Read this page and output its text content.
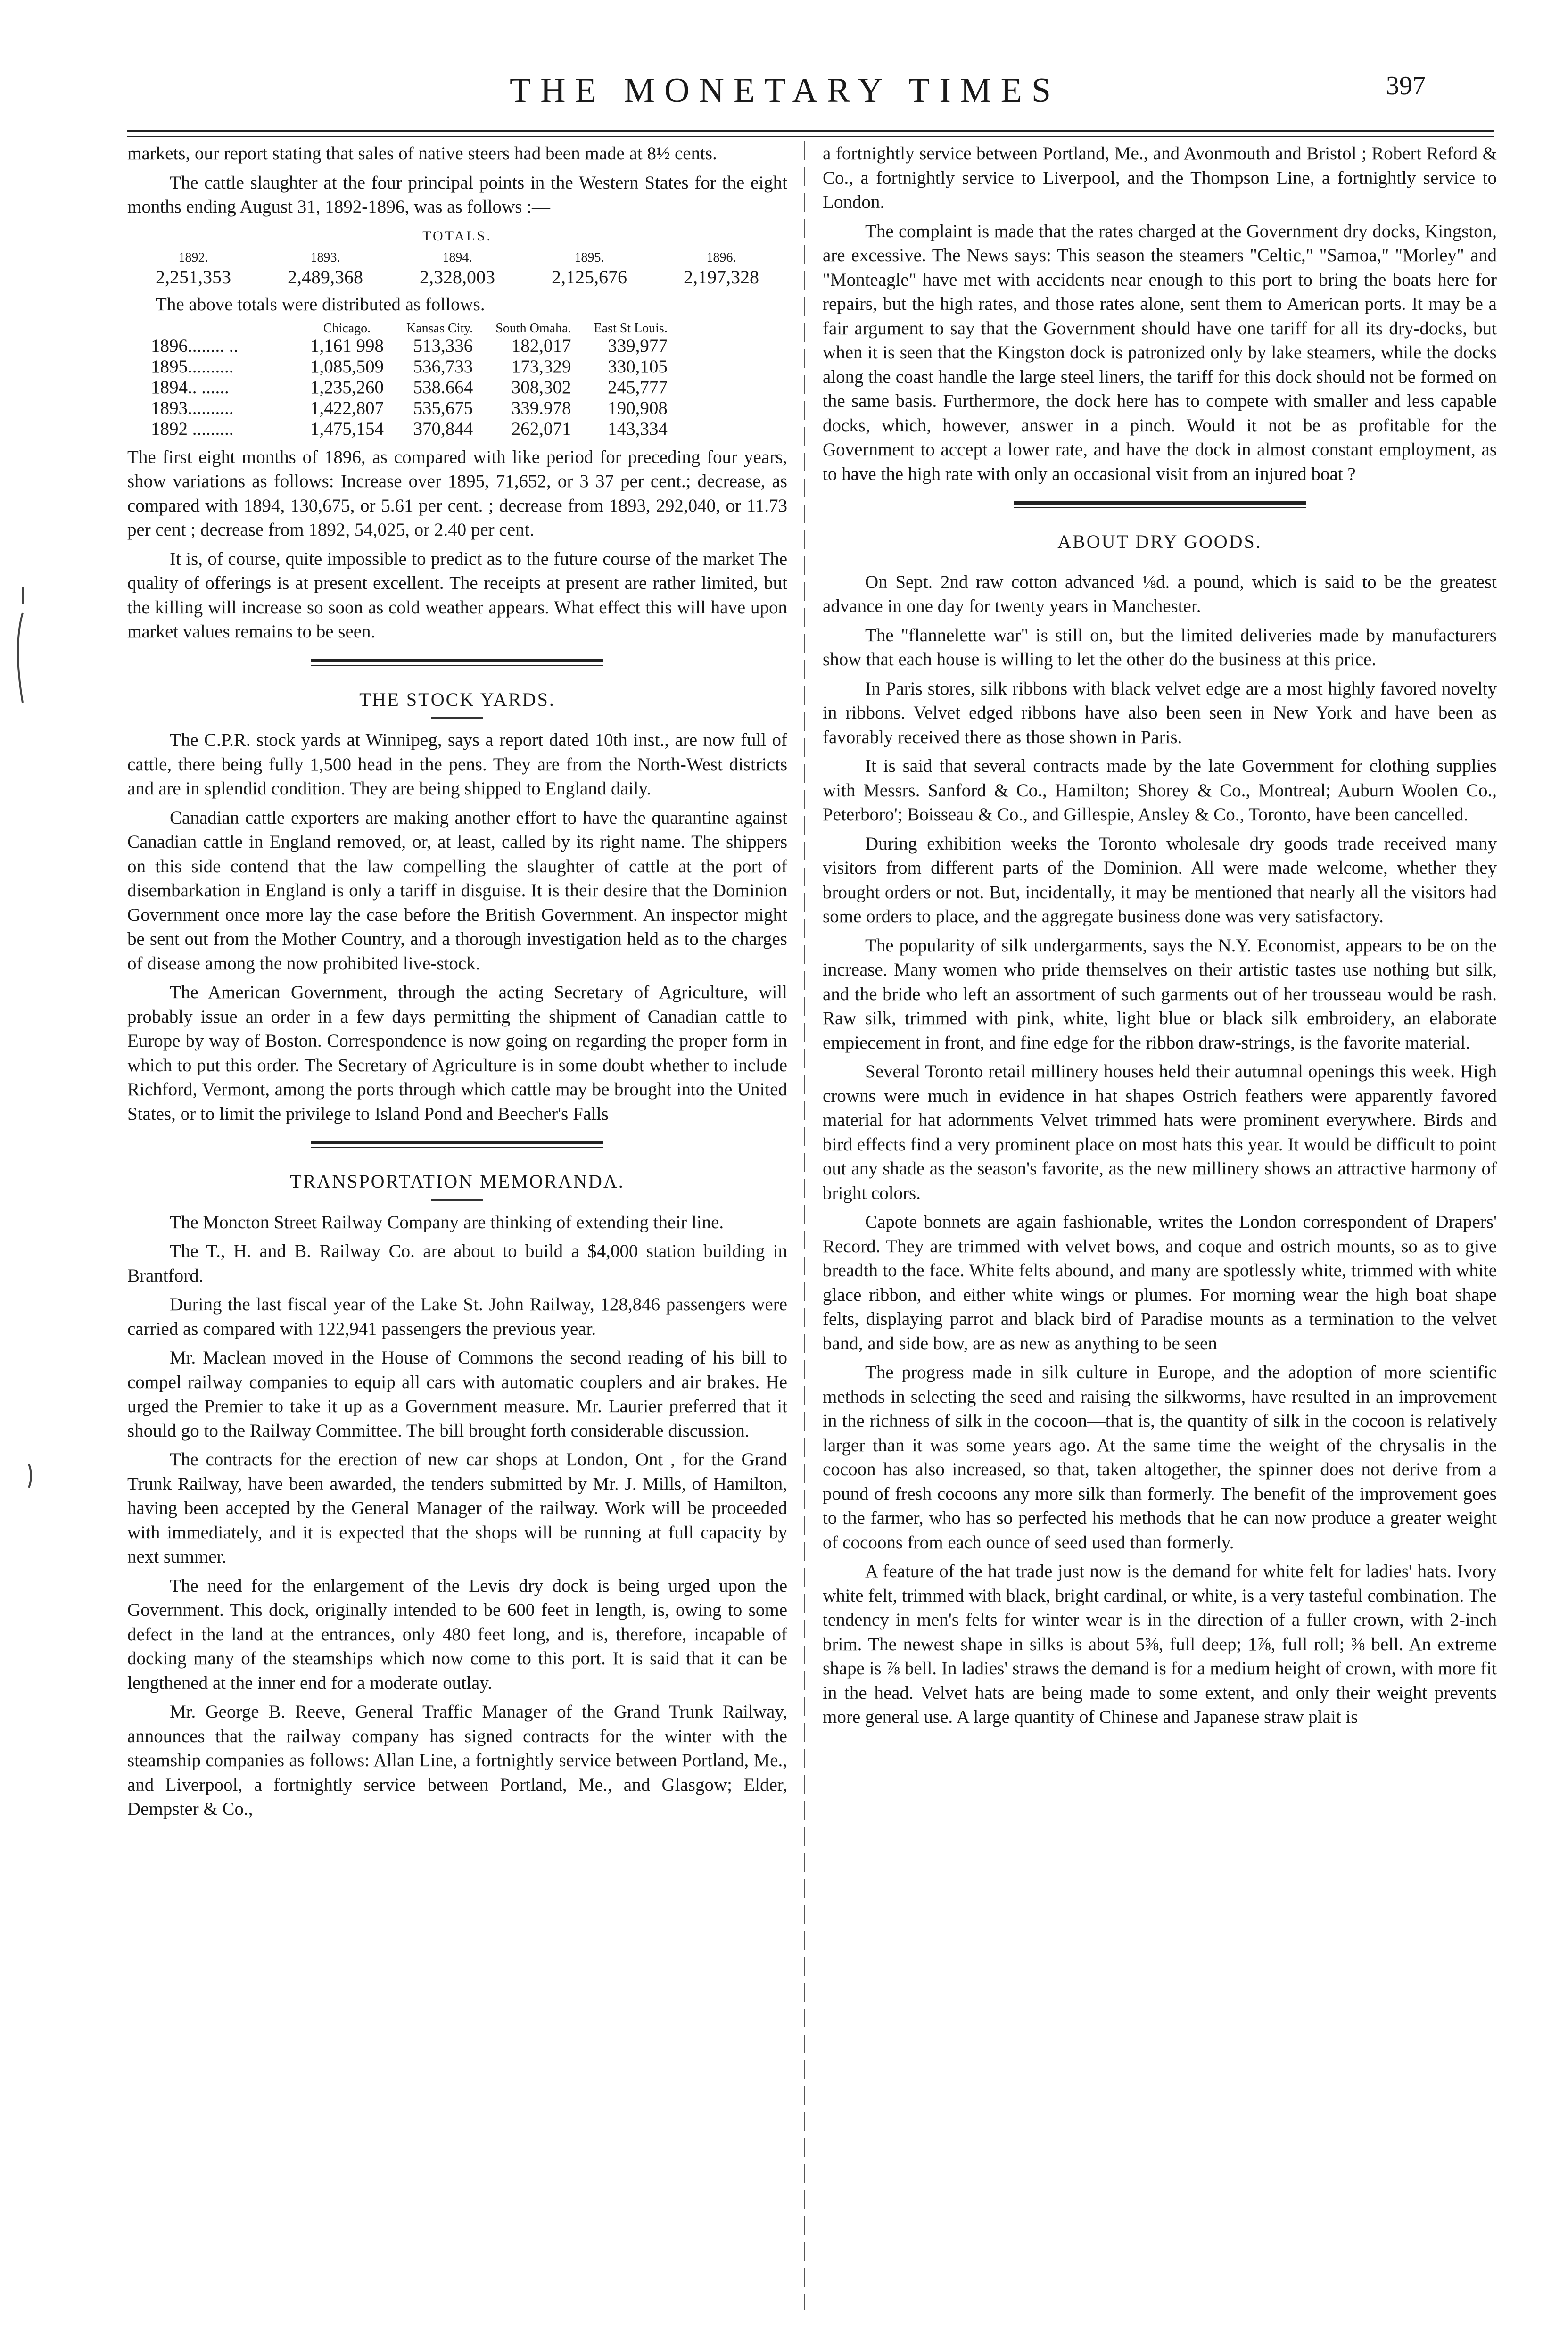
THE MONETARY TIMES	397

markets, our report stating that sales of native steers had been made at 8½ cents.

The cattle slaughter at the four principal points in the Western States for the eight months ending August 31, 1892-1896, was as follows :—

TOTALS.
1892.	1893.	1894.	1895.	1896.
2,251,353	2,489,368	2,328,003	2,125,676	2,197,328

The above totals were distributed as follows.—

	Chicago.	Kansas City.	South Omaha.	East St Louis.
1896........ ..	1,161 998	513,336	182,017	339,977
1895..........	1,085,509	536,733	173,329	330,105
1894.. ......	1,235,260	538.664	308,302	245,777
1893..........	1,422,807	535,675	339.978	190,908
1892 .........	1,475,154	370,844	262,071	143,334

The first eight months of 1896, as compared with like period for preceding four years, show variations as follows: Increase over 1895, 71,652, or 3 37 per cent.; decrease, as compared with 1894, 130,675, or 5.61 per cent. ; decrease from 1893, 292,040, or 11.73 per cent ; decrease from 1892, 54,025, or 2.40 per cent.

It is, of course, quite impossible to predict as to the future course of the market The quality of offerings is at present excellent. The receipts at present are rather limited, but the killing will increase so soon as cold weather appears. What effect this will have upon market values remains to be seen.

THE STOCK YARDS.

The C.P.R. stock yards at Winnipeg, says a report dated 10th inst., are now full of cattle, there being fully 1,500 head in the pens. They are from the North-West districts and are in splendid condition. They are being shipped to England daily.

Canadian cattle exporters are making another effort to have the quarantine against Canadian cattle in England removed, or, at least, called by its right name. The shippers on this side contend that the law compelling the slaughter of cattle at the port of disembarkation in England is only a tariff in disguise. It is their desire that the Dominion Government once more lay the case before the British Government. An inspector might be sent out from the Mother Country, and a thorough investigation held as to the charges of disease among the now prohibited live-stock.

The American Government, through the acting Secretary of Agriculture, will probably issue an order in a few days permitting the shipment of Canadian cattle to Europe by way of Boston. Correspondence is now going on regarding the proper form in which to put this order. The Secretary of Agriculture is in some doubt whether to include Richford, Vermont, among the ports through which cattle may be brought into the United States, or to limit the privilege to Island Pond and Beecher's Falls

TRANSPORTATION MEMORANDA.

The Moncton Street Railway Company are thinking of extending their line.

The T., H. and B. Railway Co. are about to build a $4,000 station building in Brantford.

During the last fiscal year of the Lake St. John Railway, 128,846 passengers were carried as compared with 122,941 passengers the previous year.

Mr. Maclean moved in the House of Commons the second reading of his bill to compel railway companies to equip all cars with automatic couplers and air brakes. He urged the Premier to take it up as a Government measure. Mr. Laurier preferred that it should go to the Railway Committee. The bill brought forth considerable discussion.

The contracts for the erection of new car shops at London, Ont , for the Grand Trunk Railway, have been awarded, the tenders submitted by Mr. J. Mills, of Hamilton, having been accepted by the General Manager of the railway. Work will be proceeded with immediately, and it is expected that the shops will be running at full capacity by next summer.

The need for the enlargement of the Levis dry dock is being urged upon the Government. This dock, originally intended to be 600 feet in length, is, owing to some defect in the land at the entrances, only 480 feet long, and is, therefore, incapable of docking many of the steamships which now come to this port. It is said that it can be lengthened at the inner end for a moderate outlay.

Mr. George B. Reeve, General Traffic Manager of the Grand Trunk Railway, announces that the railway company has signed contracts for the winter with the steamship companies as follows: Allan Line, a fortnightly service between Portland, Me., and Liverpool, a fortnightly service between Portland, Me., and Glasgow; Elder, Dempster & Co.,

a fortnightly service between Portland, Me., and Avonmouth and Bristol ; Robert Reford & Co., a fortnightly service to Liverpool, and the Thompson Line, a fortnightly service to London.

The complaint is made that the rates charged at the Government dry docks, Kingston, are excessive. The News says: This season the steamers "Celtic," "Samoa," "Morley" and "Monteagle" have met with accidents near enough to this port to bring the boats here for repairs, but the high rates, and those rates alone, sent them to American ports. It may be a fair argument to say that the Government should have one tariff for all its dry-docks, but when it is seen that the Kingston dock is patronized only by lake steamers, while the docks along the coast handle the large steel liners, the tariff for this dock should not be formed on the same basis. Furthermore, the dock here has to compete with smaller and less capable docks, which, however, answer in a pinch. Would it not be as profitable for the Government to accept a lower rate, and have the dock in almost constant employment, as to have the high rate with only an occasional visit from an injured boat ?

ABOUT DRY GOODS.

On Sept. 2nd raw cotton advanced ⅛d. a pound, which is said to be the greatest advance in one day for twenty years in Manchester.

The "flannelette war" is still on, but the limited deliveries made by manufacturers show that each house is willing to let the other do the business at this price.

In Paris stores, silk ribbons with black velvet edge are a most highly favored novelty in ribbons. Velvet edged ribbons have also been seen in New York and have been as favorably received there as those shown in Paris.

It is said that several contracts made by the late Government for clothing supplies with Messrs. Sanford & Co., Hamilton; Shorey & Co., Montreal; Auburn Woolen Co., Peterboro'; Boisseau & Co., and Gillespie, Ansley & Co., Toronto, have been cancelled.

During exhibition weeks the Toronto wholesale dry goods trade received many visitors from different parts of the Dominion. All were made welcome, whether they brought orders or not. But, incidentally, it may be mentioned that nearly all the visitors had some orders to place, and the aggregate business done was very satisfactory.

The popularity of silk undergarments, says the N.Y. Economist, appears to be on the increase. Many women who pride themselves on their artistic tastes use nothing but silk, and the bride who left an assortment of such garments out of her trousseau would be rash. Raw silk, trimmed with pink, white, light blue or black silk embroidery, an elaborate empiecement in front, and fine edge for the ribbon draw-strings, is the favorite material.

Several Toronto retail millinery houses held their autumnal openings this week. High crowns were much in evidence in hat shapes Ostrich feathers were apparently favored material for hat adornments Velvet trimmed hats were prominent everywhere. Birds and bird effects find a very prominent place on most hats this year. It would be difficult to point out any shade as the season's favorite, as the new millinery shows an attractive harmony of bright colors.

Capote bonnets are again fashionable, writes the London correspondent of Drapers' Record. They are trimmed with velvet bows, and coque and ostrich mounts, so as to give breadth to the face. White felts abound, and many are spotlessly white, trimmed with white glace ribbon, and either white wings or plumes. For morning wear the high boat shape felts, displaying parrot and black bird of Paradise mounts as a termination to the velvet band, and side bow, are as new as anything to be seen

The progress made in silk culture in Europe, and the adoption of more scientific methods in selecting the seed and raising the silkworms, have resulted in an improvement in the richness of silk in the cocoon—that is, the quantity of silk in the cocoon is relatively larger than it was some years ago. At the same time the weight of the chrysalis in the cocoon has also increased, so that, taken altogether, the spinner does not derive from a pound of fresh cocoons any more silk than formerly. The benefit of the improvement goes to the farmer, who has so perfected his methods that he can now produce a greater weight of cocoons from each ounce of seed used than formerly.

A feature of the hat trade just now is the demand for white felt for ladies' hats. Ivory white felt, trimmed with black, bright cardinal, or white, is a very tasteful combination. The tendency in men's felts for winter wear is in the direction of a fuller crown, with 2-inch brim. The newest shape in silks is about 5⅜, full deep; 1⅞, full roll; ⅜ bell. An extreme shape is ⅞ bell. In ladies' straws the demand is for a medium height of crown, with more fit in the head. Velvet hats are being made to some extent, and only their weight prevents more general use. A large quantity of Chinese and Japanese straw plait is
